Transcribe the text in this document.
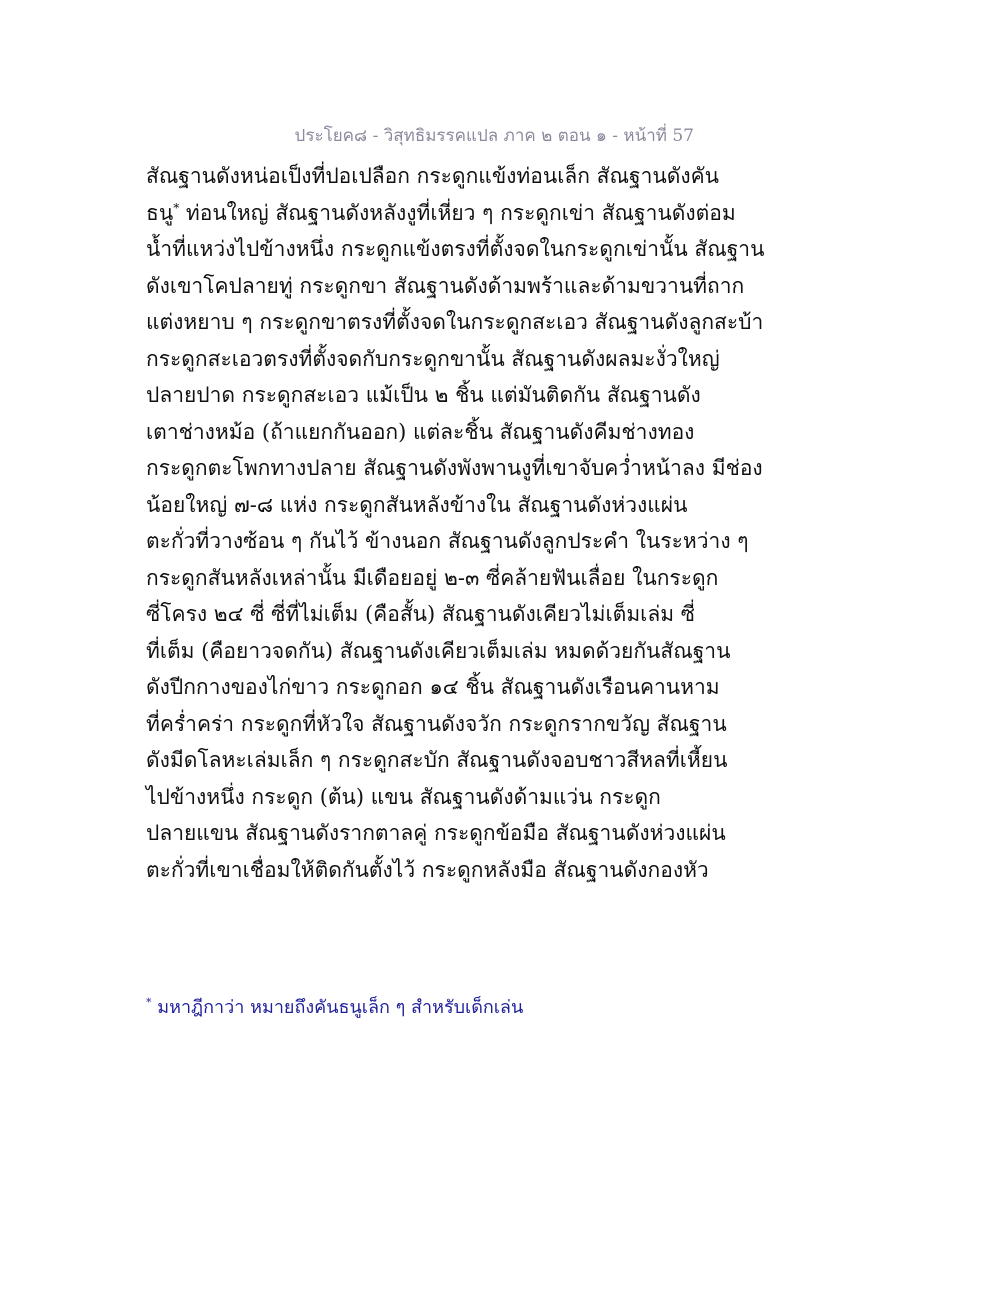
ประโยค๘ - วิสุทธิมรรคแปล ภาค ๒ ตอน ๑ - หน้าที่ 57
สัณฐานดังหน่อเป็งที่ปอเปลือก กระดูกแข้งท่อนเล็ก สัณฐานดังคัน
ธนู* ท่อนใหญ่ สัณฐานดังหลังงูที่เหี่ยว ๆ กระดูกเข่า สัณฐานดังต่อม
น้ำที่แหว่งไปข้างหนึ่ง กระดูกแข้งตรงที่ตั้งจดในกระดูกเข่านั้น สัณฐาน
ดังเขาโคปลายทู่ กระดูกขา สัณฐานดังด้ามพร้าและด้ามขวานที่ถาก
แต่งหยาบ ๆ กระดูกขาตรงที่ตั้งจดในกระดูกสะเอว สัณฐานดังลูกสะบ้า
กระดูกสะเอวตรงที่ตั้งจดกับกระดูกขานั้น สัณฐานดังผลมะงั่วใหญ่
ปลายปาด กระดูกสะเอว แม้เป็น ๒ ชิ้น แต่มันติดกัน สัณฐานดัง
เตาช่างหม้อ (ถ้าแยกกันออก) แต่ละชิ้น สัณฐานดังคีมช่างทอง
กระดูกตะโพกทางปลาย สัณฐานดังพังพานงูที่เขาจับคว่ำหน้าลง มีช่อง
น้อยใหญ่ ๗-๘ แห่ง กระดูกสันหลังข้างใน สัณฐานดังห่วงแผ่น
ตะกั่วที่วางซ้อน ๆ กันไว้ ข้างนอก สัณฐานดังลูกประคำ ในระหว่าง ๆ
กระดูกสันหลังเหล่านั้น มีเดือยอยู่ ๒-๓ ซี่คล้ายฟันเลื่อย ในกระดูก
ซี่โครง ๒๔ ซี่ ซี่ที่ไม่เต็ม (คือสั้น) สัณฐานดังเคียวไม่เต็มเล่ม ซี่
ที่เต็ม (คือยาวจดกัน) สัณฐานดังเคียวเต็มเล่ม หมดด้วยกันสัณฐาน
ดังปีกกางของไก่ขาว กระดูกอก ๑๔ ชิ้น สัณฐานดังเรือนคานหาม
ที่คร่ำคร่า กระดูกที่หัวใจ สัณฐานดังจวัก กระดูกรากขวัญ สัณฐาน
ดังมีดโลหะเล่มเล็ก ๆ กระดูกสะบัก สัณฐานดังจอบชาวสีหลที่เหี้ยน
ไปข้างหนึ่ง กระดูก (ต้น) แขน สัณฐานดังด้ามแว่น กระดูก
ปลายแขน สัณฐานดังรากตาลคู่ กระดูกข้อมือ สัณฐานดังห่วงแผ่น
ตะกั่วที่เขาเชื่อมให้ติดกันตั้งไว้ กระดูกหลังมือ สัณฐานดังกองหัว
* มหาฎีกาว่า หมายถึงคันธนูเล็ก ๆ สำหรับเด็กเล่น
